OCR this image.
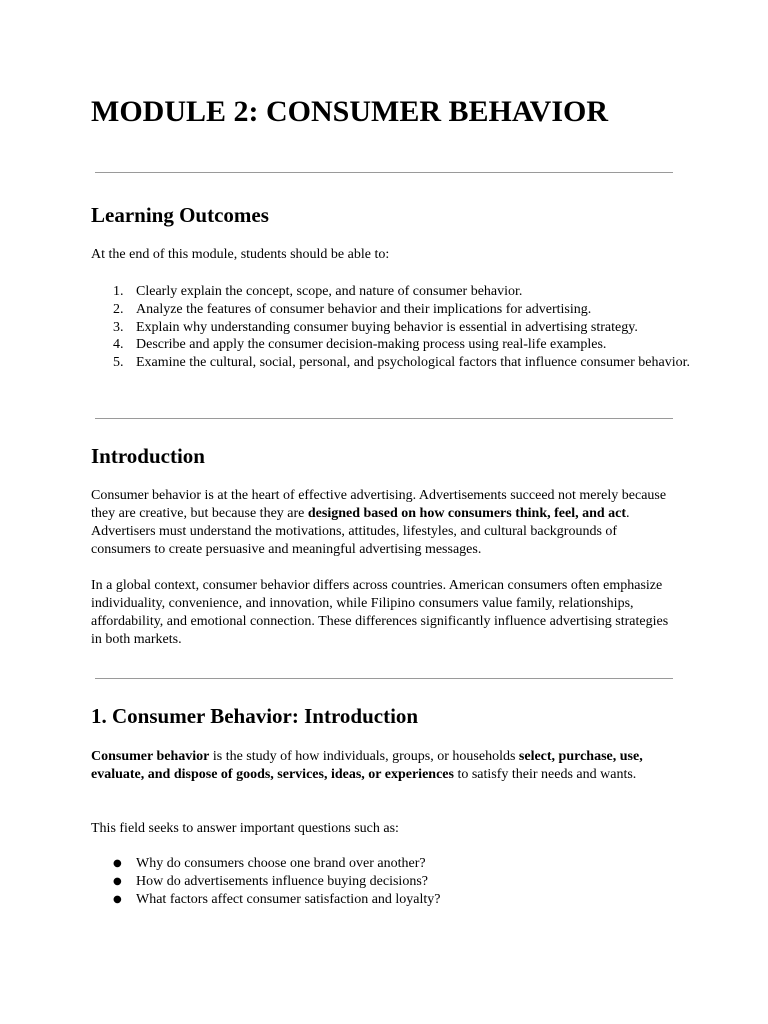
MODULE 2: CONSUMER BEHAVIOR
Learning Outcomes

At the end of this module, students should be able to:

1. Clearly explain the concept, scope, and nature of consumer behavior.
2. Analyze the features of consumer behavior and their implications for advertising.
3. Explain why understanding consumer buying behavior is essential in advertising strategy.
4. Describe and apply the consumer decision-making process using real-life examples.
5. Examine the cultural, social, personal, and psychological factors that influence consumer behavior.
Introduction

Consumer behavior is at the heart of effective advertising. Advertisements succeed not merely because they are creative, but because they are designed based on how consumers think, feel, and act. Advertisers must understand the motivations, attitudes, lifestyles, and cultural backgrounds of consumers to create persuasive and meaningful advertising messages.

In a global context, consumer behavior differs across countries. American consumers often emphasize individuality, convenience, and innovation, while Filipino consumers value family, relationships, affordability, and emotional connection. These differences significantly influence advertising strategies in both markets.

1. Consumer Behavior: Introduction

Consumer behavior is the study of how individuals, groups, or households select, purchase, use, evaluate, and dispose of goods, services, ideas, or experiences to satisfy their needs and wants.

This field seeks to answer important questions such as:

● Why do consumers choose one brand over another?
● How do advertisements influence buying decisions?
● What factors affect consumer satisfaction and loyalty?
